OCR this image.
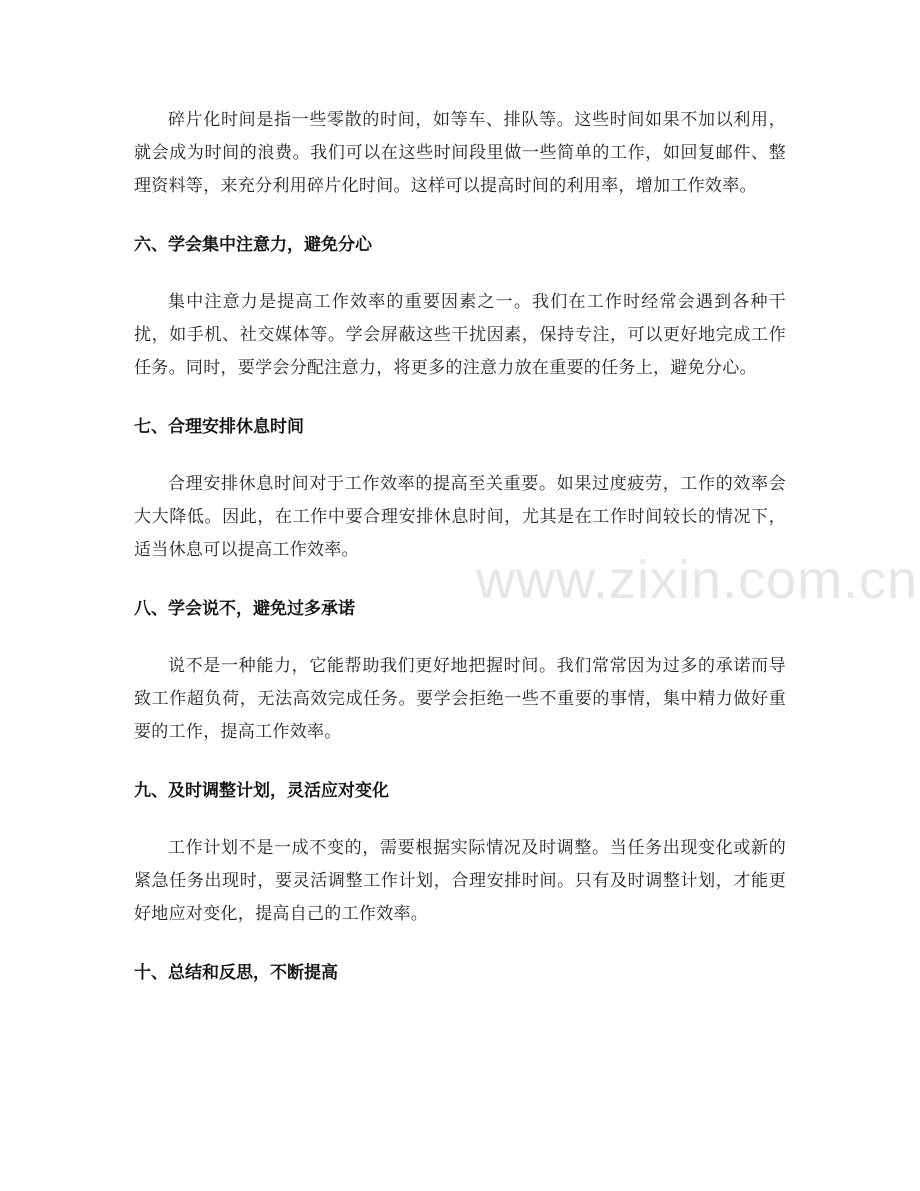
www.zixin.com.cn

碎片化时间是指一些零散的时间，如等车、排队等。这些时间如果不加以利用，就会成为时间的浪费。我们可以在这些时间段里做一些简单的工作，如回复邮件、整理资料等，来充分利用碎片化时间。这样可以提高时间的利用率，增加工作效率。

六、学会集中注意力，避免分心

集中注意力是提高工作效率的重要因素之一。我们在工作时经常会遇到各种干扰，如手机、社交媒体等。学会屏蔽这些干扰因素，保持专注，可以更好地完成工作任务。同时，要学会分配注意力，将更多的注意力放在重要的任务上，避免分心。

七、合理安排休息时间

合理安排休息时间对于工作效率的提高至关重要。如果过度疲劳，工作的效率会大大降低。因此，在工作中要合理安排休息时间，尤其是在工作时间较长的情况下，适当休息可以提高工作效率。

八、学会说不，避免过多承诺

说不是一种能力，它能帮助我们更好地把握时间。我们常常因为过多的承诺而导致工作超负荷，无法高效完成任务。要学会拒绝一些不重要的事情，集中精力做好重要的工作，提高工作效率。

九、及时调整计划，灵活应对变化

工作计划不是一成不变的，需要根据实际情况及时调整。当任务出现变化或新的紧急任务出现时，要灵活调整工作计划，合理安排时间。只有及时调整计划，才能更好地应对变化，提高自己的工作效率。

十、总结和反思，不断提高
